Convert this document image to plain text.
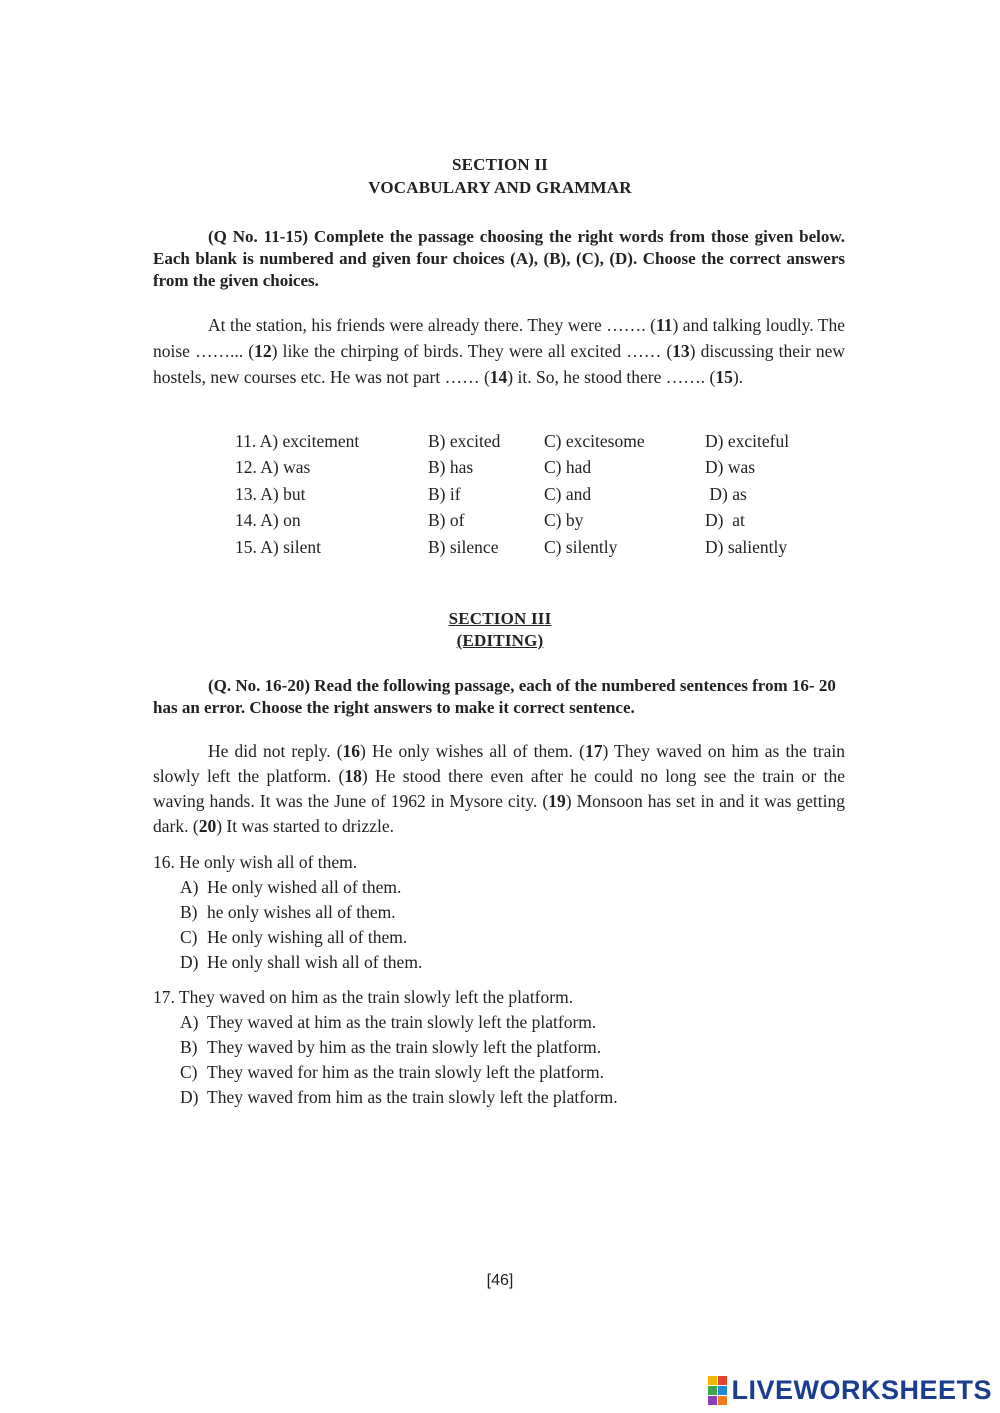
SECTION II
VOCABULARY AND GRAMMAR
(Q No. 11-15) Complete the passage choosing the right words from those given below. Each blank is numbered and given four choices (A), (B), (C), (D). Choose the correct answers from the given choices.
At the station, his friends were already there. They were ……. (11) and talking loudly. The noise ……... (12) like the chirping of birds. They were all excited …… (13) discussing their new hostels, new courses etc. He was not part …… (14) it. So, he stood there ……. (15).
11. A) excitement	B) excited	C) excitesome	D) exciteful
12. A) was	B) has	C) had	D) was
13. A) but	B) if	C) and	D) as
14. A) on	B) of	C) by	D)  at
15. A) silent	B) silence	C) silently	D) saliently
SECTION III
(EDITING)
(Q. No. 16-20) Read the following passage, each of the numbered sentences from 16- 20 has an error. Choose the right answers to make it correct sentence.
He did not reply. (16) He only wishes all of them. (17) They waved on him as the train slowly left the platform. (18) He stood there even after he could no long see the train or the waving hands. It was the June of 1962 in Mysore city. (19) Monsoon has set in and it was getting dark. (20) It was started to drizzle.
16. He only wish all of them.
A) He only wished all of them.
B) he only wishes all of them.
C) He only wishing all of them.
D) He only shall wish all of them.
17. They waved on him as the train slowly left the platform.
A) They waved at him as the train slowly left the platform.
B) They waved by him as the train slowly left the platform.
C) They waved for him as the train slowly left the platform.
D) They waved from him as the train slowly left the platform.
[46]
LIVEWORKSHEETS
